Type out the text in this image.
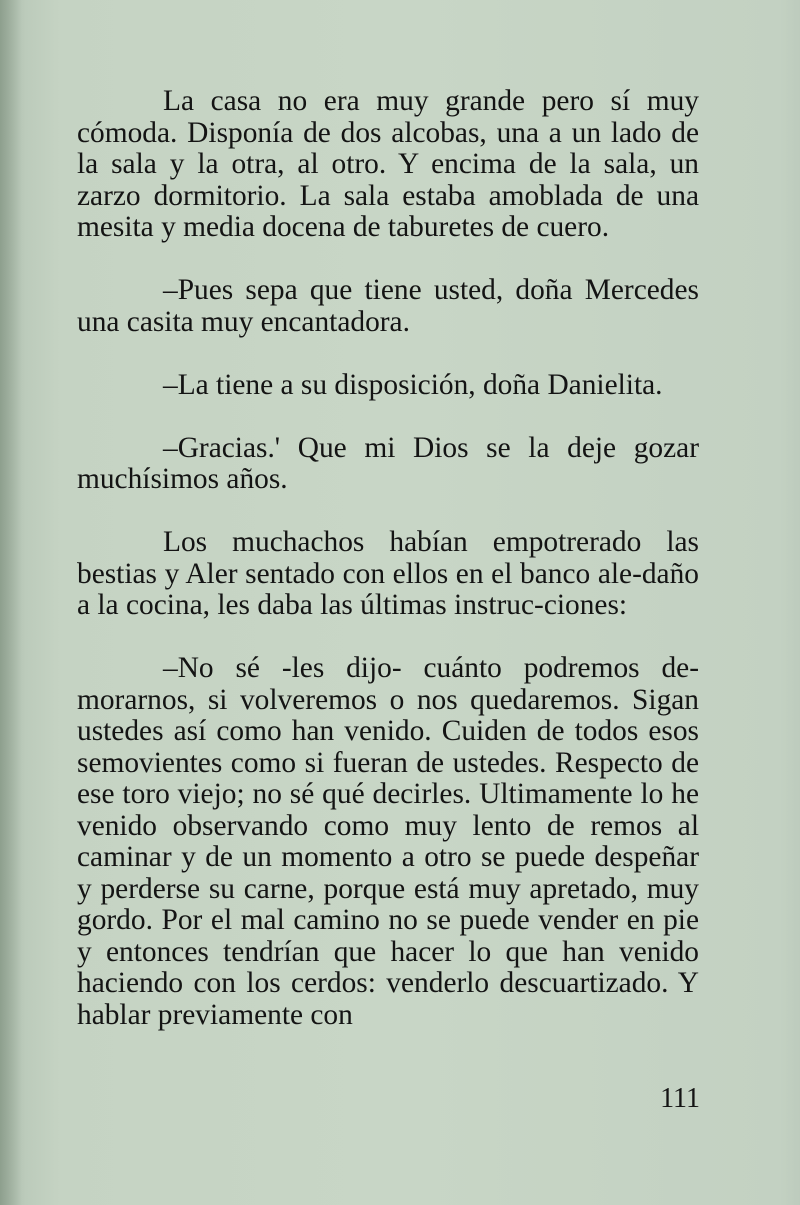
La casa no era muy grande pero sí muy cómoda. Disponía de dos alcobas, una a un lado de la sala y la otra, al otro. Y encima de la sala, un zarzo dormitorio. La sala estaba amoblada de una mesita y media docena de taburetes de cuero.

–Pues sepa que tiene usted, doña Mercedes una casita muy encantadora.

–La tiene a su disposición, doña Danielita.

–Gracias.' Que mi Dios se la deje gozar muchísimos años.

Los muchachos habían empotrerado las bestias y Aler sentado con ellos en el banco ale-daño a la cocina, les daba las últimas instruc-ciones:

–No sé -les dijo- cuánto podremos de-morarnos, si volveremos o nos quedaremos. Sigan ustedes así como han venido. Cuiden de todos esos semovientes como si fueran de ustedes. Respecto de ese toro viejo; no sé qué decirles. Ultimamente lo he venido observando como muy lento de remos al caminar y de un momento a otro se puede despeñar y perderse su carne, porque está muy apretado, muy gordo. Por el mal camino no se puede vender en pie y entonces tendrían que hacer lo que han venido haciendo con los cerdos: venderlo descuartizado. Y hablar previamente con

111
